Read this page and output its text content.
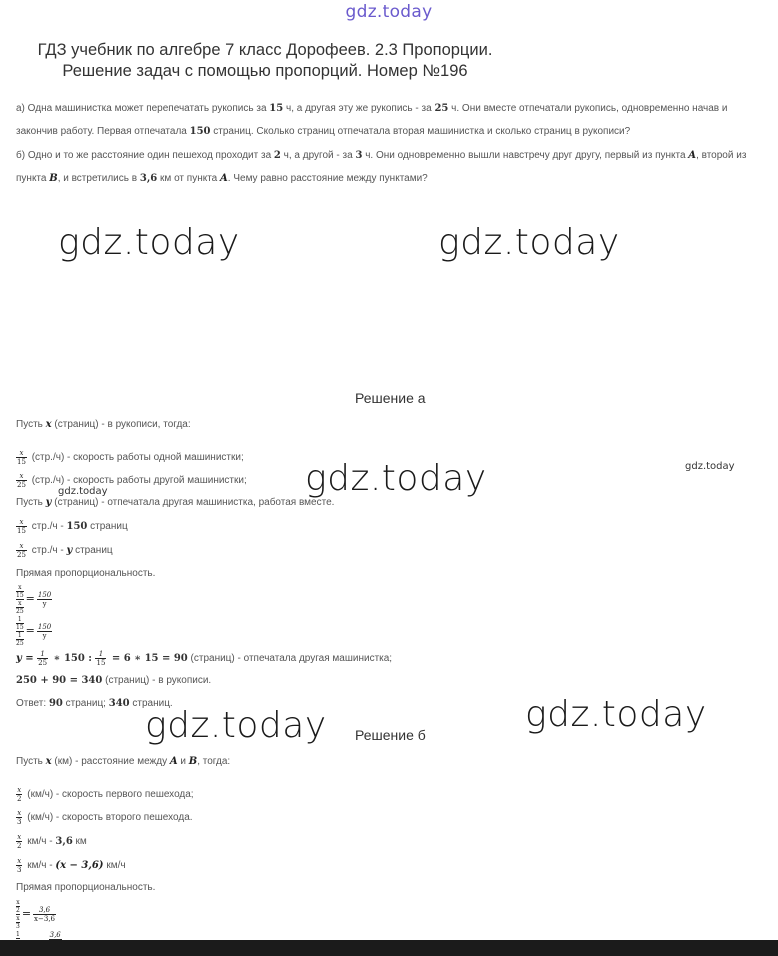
gdz.today
ГДЗ учебник по алгебре 7 класс Дорофеев. 2.3 Пропорции.
Решение задач с помощью пропорций. Номер №196
а) Одна машинистка может перепечатать рукопись за 15 ч, а другая эту же рукопись - за 25 ч. Они вместе отпечатали рукопись, одновременно начав и закончив работу. Первая отпечатала 150 страниц. Сколько страниц отпечатала вторая машинистка и сколько страниц в рукописи?
б) Одно и то же расстояние один пешеход проходит за 2 ч, а другой - за 3 ч. Они одновременно вышли навстречу друг другу, первый из пункта A, второй из пункта B, и встретились в 3,6 км от пункта A. Чему равно расстояние между пунктами?
gdz.today	gdz.today
gdz.today	gdz.today
gdz.today
gdz.today	gdz.today
Решение а
Пусть x (страниц) - в рукописи, тогда:
$\frac{x}{15} (стр./ч)$ - скорость работы одной машинистки;
$\frac{x}{25} (стр./ч)$ - скорость работы другой машинистки;
Пусть y (страниц) - отпечатала другая машинистка, работая вместе.
$\frac{x}{15} стр./ч - 150$ страниц
$\frac{x}{25} стр./ч$ - y страниц
Прямая пропорциональность.
$\frac{\frac{x}{15}}{\frac{x}{25}} = \frac{150}{y}$
$\frac{\frac{1}{15}}{\frac{1}{25}} = \frac{150}{y}$
$y = \frac{1}{25}$ ∗ 150 : $\frac{1}{15} = 6$ ∗ 15 = 90 (страниц) - отпечатала другая машинистка;
250 + 90 = 340 (страниц) - в рукописи.
Ответ: 90 страниц; 340 страниц.
Решение б
Пусть x (км) - расстояние между A и B, тогда:
$\frac{x}{2} (км/ч)$ - скорость первого пешехода;
$\frac{x}{3} (км/ч)$ - скорость второго пешехода.
$\frac{x}{2} км/ч - 3,6$ км
$\frac{x}{3} км/ч - (x - 3,6)$ км/ч
Прямая пропорциональность.
$\frac{\frac{x}{2}}{\frac{x}{3}} = \frac{3,6}{x-3,6}$
1
	3,6
